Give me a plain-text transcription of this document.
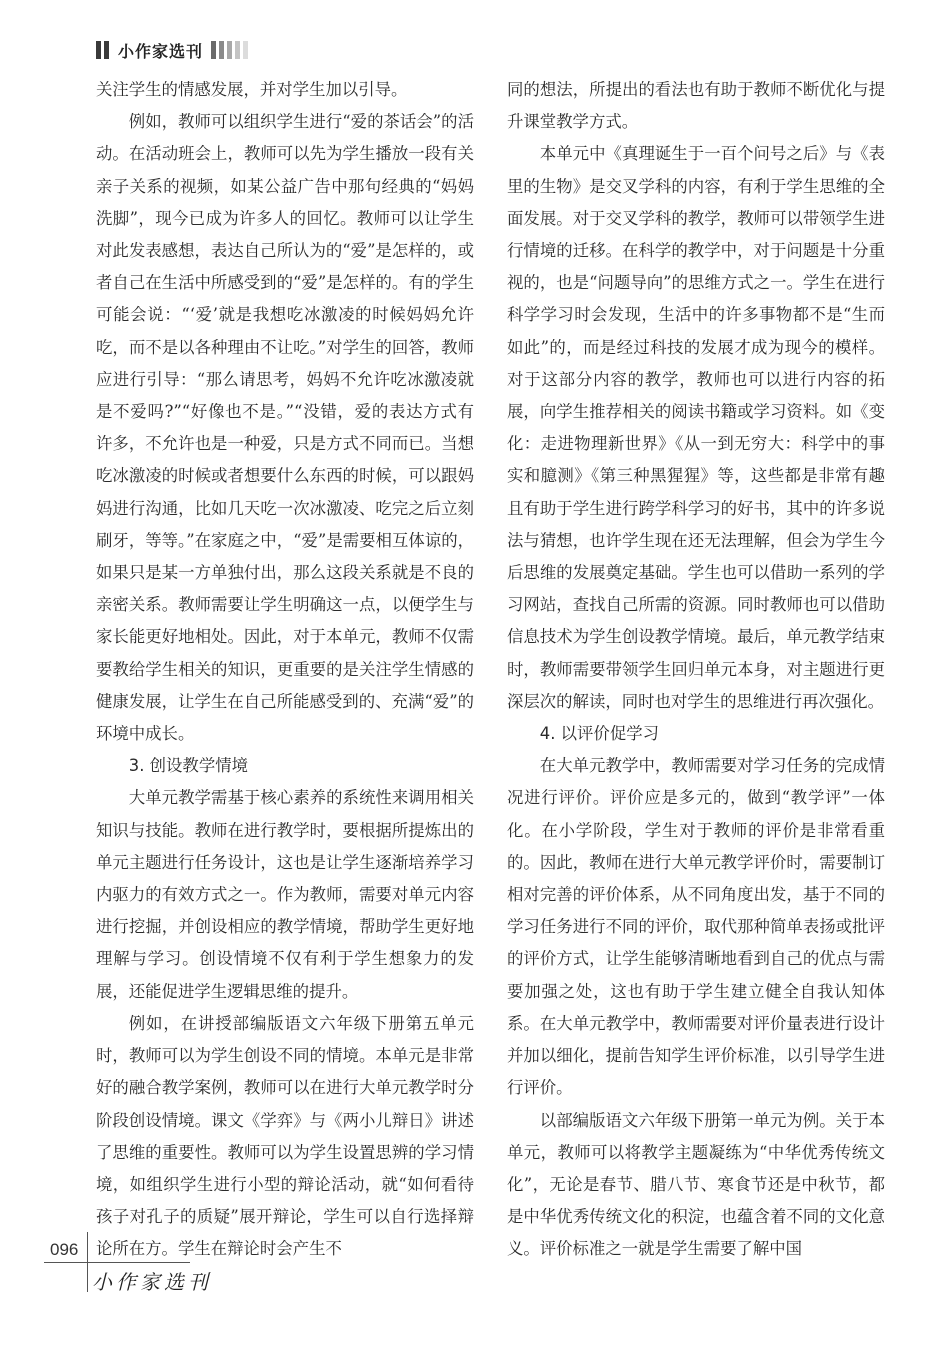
小作家选刊

关注学生的情感发展，并对学生加以引导。

例如，教师可以组织学生进行“爱的茶话会”的活动。在活动班会上，教师可以先为学生播放一段有关亲子关系的视频，如某公益广告中那句经典的“妈妈洗脚”，现今已成为许多人的回忆。教师可以让学生对此发表感想，表达自己所认为的“爱”是怎样的，或者自己在生活中所感受到的“爱”是怎样的。有的学生可能会说：“‘爱’就是我想吃冰激凌的时候妈妈允许吃，而不是以各种理由不让吃。”对学生的回答，教师应进行引导：“那么请思考，妈妈不允许吃冰激凌就是不爱吗?”“好像也不是。”“没错，爱的表达方式有许多，不允许也是一种爱，只是方式不同而已。当想吃冰激凌的时候或者想要什么东西的时候，可以跟妈妈进行沟通，比如几天吃一次冰激凌、吃完之后立刻刷牙，等等。”在家庭之中，“爱”是需要相互体谅的，如果只是某一方单独付出，那么这段关系就是不良的亲密关系。教师需要让学生明确这一点，以便学生与家长能更好地相处。因此，对于本单元，教师不仅需要教给学生相关的知识，更重要的是关注学生情感的健康发展，让学生在自己所能感受到的、充满“爱”的环境中成长。

3. 创设教学情境

大单元教学需基于核心素养的系统性来调用相关知识与技能。教师在进行教学时，要根据所提炼出的单元主题进行任务设计，这也是让学生逐渐培养学习内驱力的有效方式之一。作为教师，需要对单元内容进行挖掘，并创设相应的教学情境，帮助学生更好地理解与学习。创设情境不仅有利于学生想象力的发展，还能促进学生逻辑思维的提升。

例如，在讲授部编版语文六年级下册第五单元时，教师可以为学生创设不同的情境。本单元是非常好的融合教学案例，教师可以在进行大单元教学时分阶段创设情境。课文《学弈》与《两小儿辩日》讲述了思维的重要性。教师可以为学生设置思辨的学习情境，如组织学生进行小型的辩论活动，就“如何看待孩子对孔子的质疑”展开辩论，学生可以自行选择辩论所在方。学生在辩论时会产生不

同的想法，所提出的看法也有助于教师不断优化与提升课堂教学方式。

本单元中《真理诞生于一百个问号之后》与《表里的生物》是交叉学科的内容，有利于学生思维的全面发展。对于交叉学科的教学，教师可以带领学生进行情境的迁移。在科学的教学中，对于问题是十分重视的，也是“问题导向”的思维方式之一。学生在进行科学学习时会发现，生活中的许多事物都不是“生而如此”的，而是经过科技的发展才成为现今的模样。对于这部分内容的教学，教师也可以进行内容的拓展，向学生推荐相关的阅读书籍或学习资料。如《变化：走进物理新世界》《从一到无穷大：科学中的事实和臆测》《第三种黑猩猩》等，这些都是非常有趣且有助于学生进行跨学科学习的好书，其中的许多说法与猜想，也许学生现在还无法理解，但会为学生今后思维的发展奠定基础。学生也可以借助一系列的学习网站，查找自己所需的资源。同时教师也可以借助信息技术为学生创设教学情境。最后，单元教学结束时，教师需要带领学生回归单元本身，对主题进行更深层次的解读，同时也对学生的思维进行再次强化。

4. 以评价促学习

在大单元教学中，教师需要对学习任务的完成情况进行评价。评价应是多元的，做到“教学评”一体化。在小学阶段，学生对于教师的评价是非常看重的。因此，教师在进行大单元教学评价时，需要制订相对完善的评价体系，从不同角度出发，基于不同的学习任务进行不同的评价，取代那种简单表扬或批评的评价方式，让学生能够清晰地看到自己的优点与需要加强之处，这也有助于学生建立健全自我认知体系。在大单元教学中，教师需要对评价量表进行设计并加以细化，提前告知学生评价标准，以引导学生进行评价。

以部编版语文六年级下册第一单元为例。关于本单元，教师可以将教学主题凝练为“中华优秀传统文化”，无论是春节、腊八节、寒食节还是中秋节，都是中华优秀传统文化的积淀，也蕴含着不同的文化意义。评价标准之一就是学生需要了解中国

096
小作家选刊
